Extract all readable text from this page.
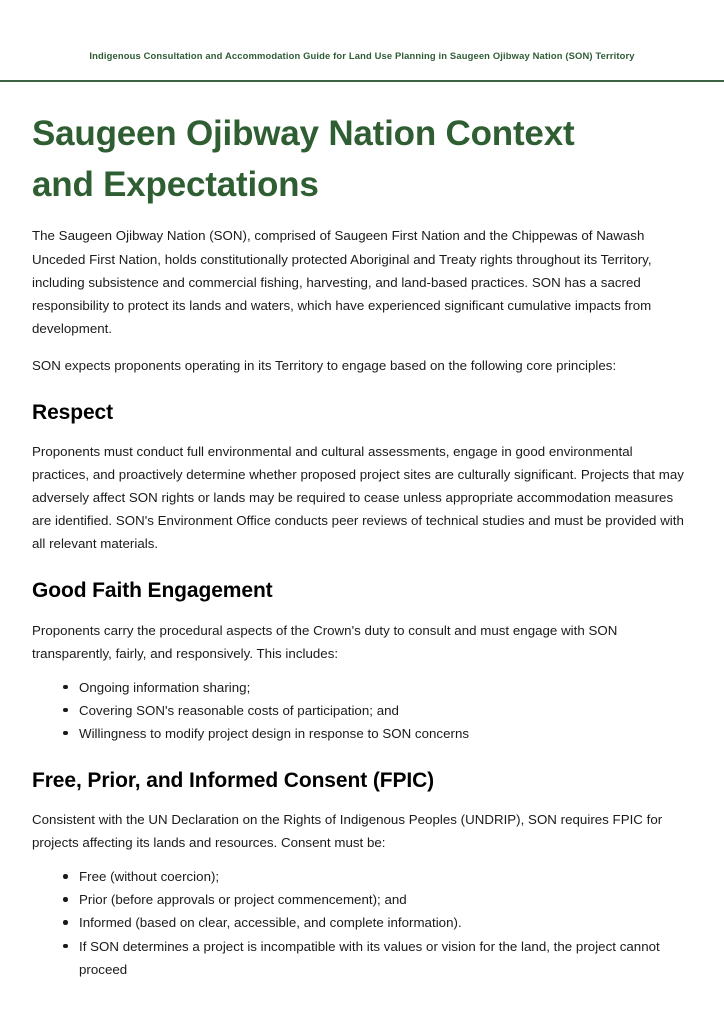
Indigenous Consultation and Accommodation Guide for Land Use Planning in Saugeen Ojibway Nation (SON) Territory
Saugeen Ojibway Nation Context and Expectations

The Saugeen Ojibway Nation (SON), comprised of Saugeen First Nation and the Chippewas of Nawash Unceded First Nation, holds constitutionally protected Aboriginal and Treaty rights throughout its Territory, including subsistence and commercial fishing, harvesting, and land-based practices. SON has a sacred responsibility to protect its lands and waters, which have experienced significant cumulative impacts from development.

SON expects proponents operating in its Territory to engage based on the following core principles:

Respect

Proponents must conduct full environmental and cultural assessments, engage in good environmental practices, and proactively determine whether proposed project sites are culturally significant. Projects that may adversely affect SON rights or lands may be required to cease unless appropriate accommodation measures are identified. SON's Environment Office conducts peer reviews of technical studies and must be provided with all relevant materials.

Good Faith Engagement

Proponents carry the procedural aspects of the Crown's duty to consult and must engage with SON transparently, fairly, and responsively. This includes:

Ongoing information sharing;
Covering SON's reasonable costs of participation; and
Willingness to modify project design in response to SON concerns
Free, Prior, and Informed Consent (FPIC)

Consistent with the UN Declaration on the Rights of Indigenous Peoples (UNDRIP), SON requires FPIC for projects affecting its lands and resources. Consent must be:

Free (without coercion);
Prior (before approvals or project commencement); and
Informed (based on clear, accessible, and complete information).
If SON determines a project is incompatible with its values or vision for the land, the project cannot proceed
